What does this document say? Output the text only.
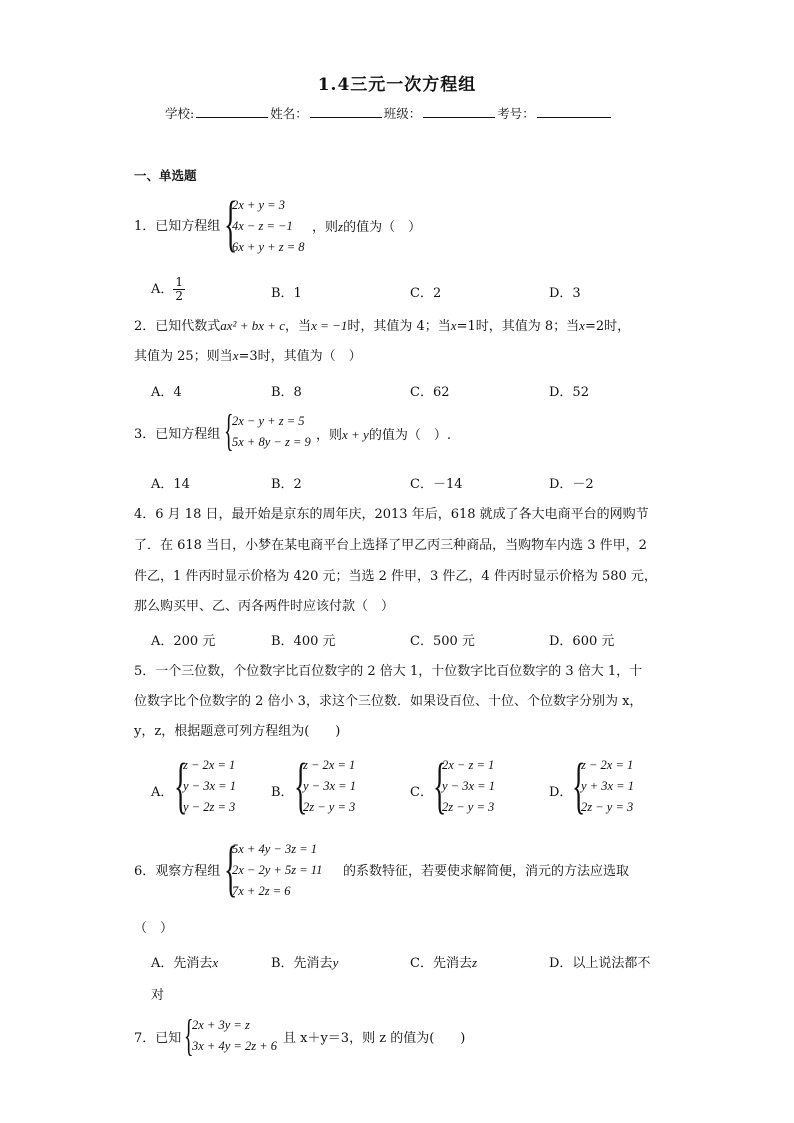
1.4三元一次方程组
学校:	姓名：	班级：	考号：
一、单选题
1．已知方程组 {
2x + y = 3
4x − z = −1
6x + y + z = 8
，则z的值为（　）
A． $\frac{1}{2}$	B．1	C．2	D．3
2．已知代数式ax² + bx + c，当x = −1时，其值为 4；当x=1时，其值为 8；当x=2时，
其值为 25；则当x=3时，其值为（　）
A．4	B．8	C．62	D．52
3．已知方程组 {
2x − y + z = 5
5x + 8y − z = 9 ，则x + y的值为（　）.
A．14	B．2	C．－14	D．－2
4．6 月 18 日，最开始是京东的周年庆，2013 年后，618 就成了各大电商平台的网购节
了．在 618 当日，小梦在某电商平台上选择了甲乙丙三种商品，当购物车内选 3 件甲，2
件乙，1 件丙时显示价格为 420 元；当选 2 件甲，3 件乙，4 件丙时显示价格为 580 元，
那么购买甲、乙、丙各两件时应该付款（　）
A．200 元	B．400 元	C．500 元	D．600 元
5．一个三位数，个位数字比百位数字的 2 倍大 1，十位数字比百位数字的 3 倍大 1，十
位数字比个位数字的 2 倍小 3，求这个三位数．如果设百位、十位、个位数字分别为 x，
y，z，根据题意可列方程组为(　　)
A． {
z − 2x = 1
y − 3x = 1
y − 2z = 3
B． {
z − 2x = 1
y − 3x = 1
2z − y = 3
C． {
2x − z = 1
y − 3x = 1
2z − y = 3
D． {
z − 2x = 1
y + 3x = 1
2z − y = 3
6．观察方程组 {
5x + 4y − 3z = 1
2x − 2y + 5z = 11
7x + 2z = 6
的系数特征，若要使求解简便，消元的方法应选取
（　）
A．先消去x	B．先消去y	C．先消去z	D．以上说法都不
对
7．已知 {
2x + 3y = z
3x + 4y = 2z + 6 且 x＋y＝3，则 z 的值为(　　)
